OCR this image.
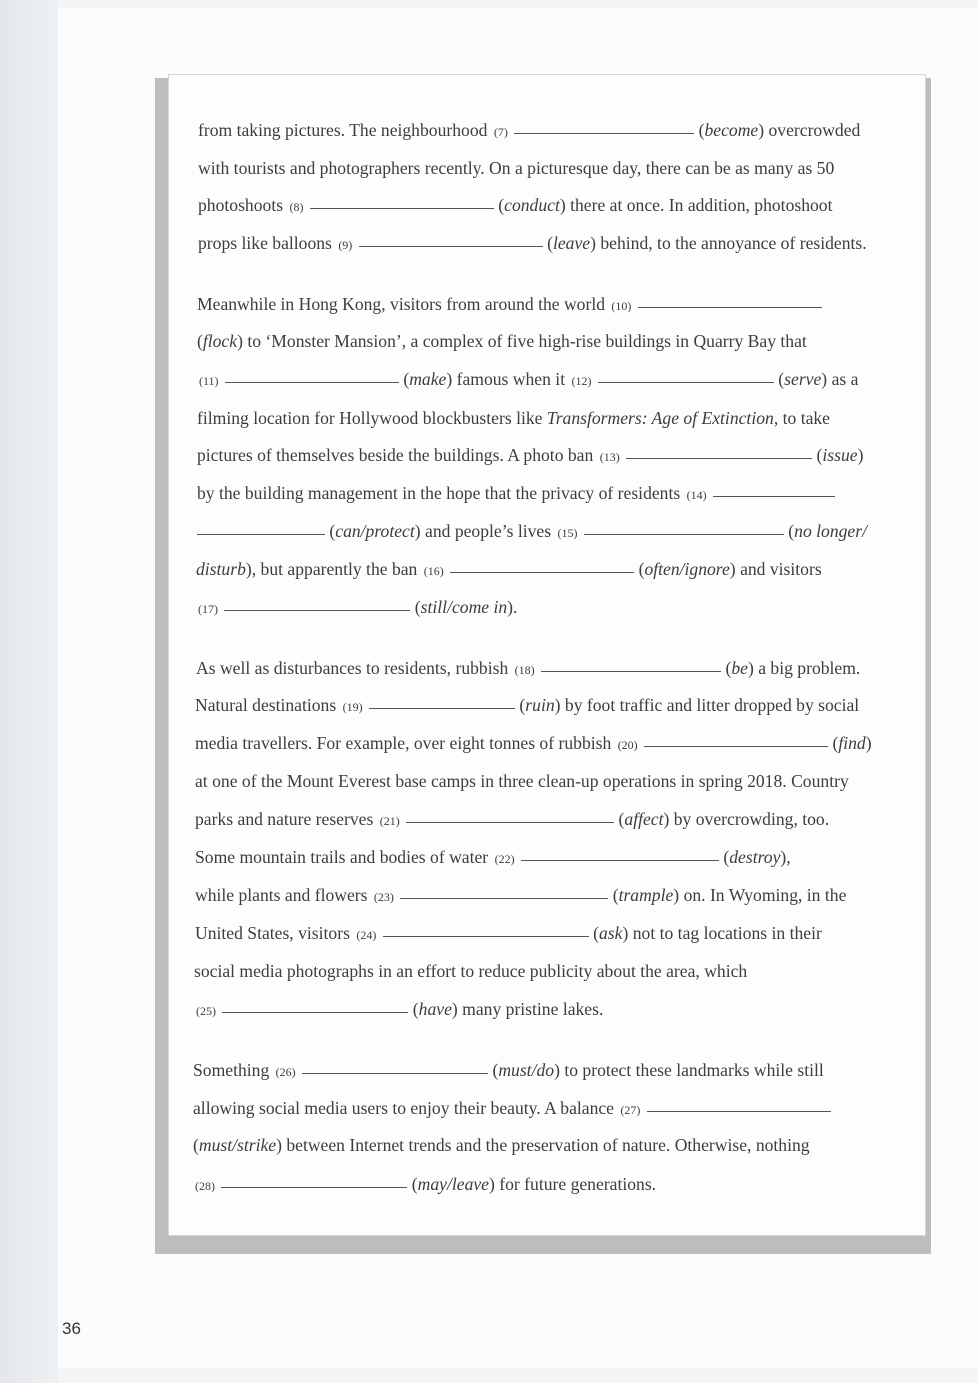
from taking pictures. The neighbourhood (7)	(become) overcrowded
with tourists and photographers recently. On a picturesque day, there can be as many as 50
photoshoots (8)	(conduct) there at once. In addition, photoshoot
props like balloons (9)	(leave) behind, to the annoyance of residents.
Meanwhile in Hong Kong, visitors from around the world (10)
(flock) to ‘Monster Mansion’, a complex of five high-rise buildings in Quarry Bay that
(11)	(make) famous when it (12)	(serve) as a
filming location for Hollywood blockbusters like Transformers: Age of Extinction, to take
pictures of themselves beside the buildings. A photo ban (13)	(issue)
by the building management in the hope that the privacy of residents (14)
(can/protect) and people’s lives (15)	(no longer/
disturb), but apparently the ban (16)	(often/ignore) and visitors
(17)	(still/come in).
As well as disturbances to residents, rubbish (18)	(be) a big problem.
Natural destinations (19)	(ruin) by foot traffic and litter dropped by social
media travellers. For example, over eight tonnes of rubbish (20)	(find)
at one of the Mount Everest base camps in three clean-up operations in spring 2018. Country
parks and nature reserves (21)	(affect) by overcrowding, too.
Some mountain trails and bodies of water (22)	(destroy),
while plants and flowers (23)	(trample) on. In Wyoming, in the
United States, visitors (24)	(ask) not to tag locations in their
social media photographs in an effort to reduce publicity about the area, which
(25)	(have) many pristine lakes.
Something (26)	(must/do) to protect these landmarks while still
allowing social media users to enjoy their beauty. A balance (27)
(must/strike) between Internet trends and the preservation of nature. Otherwise, nothing
(28)	(may/leave) for future generations.
36
